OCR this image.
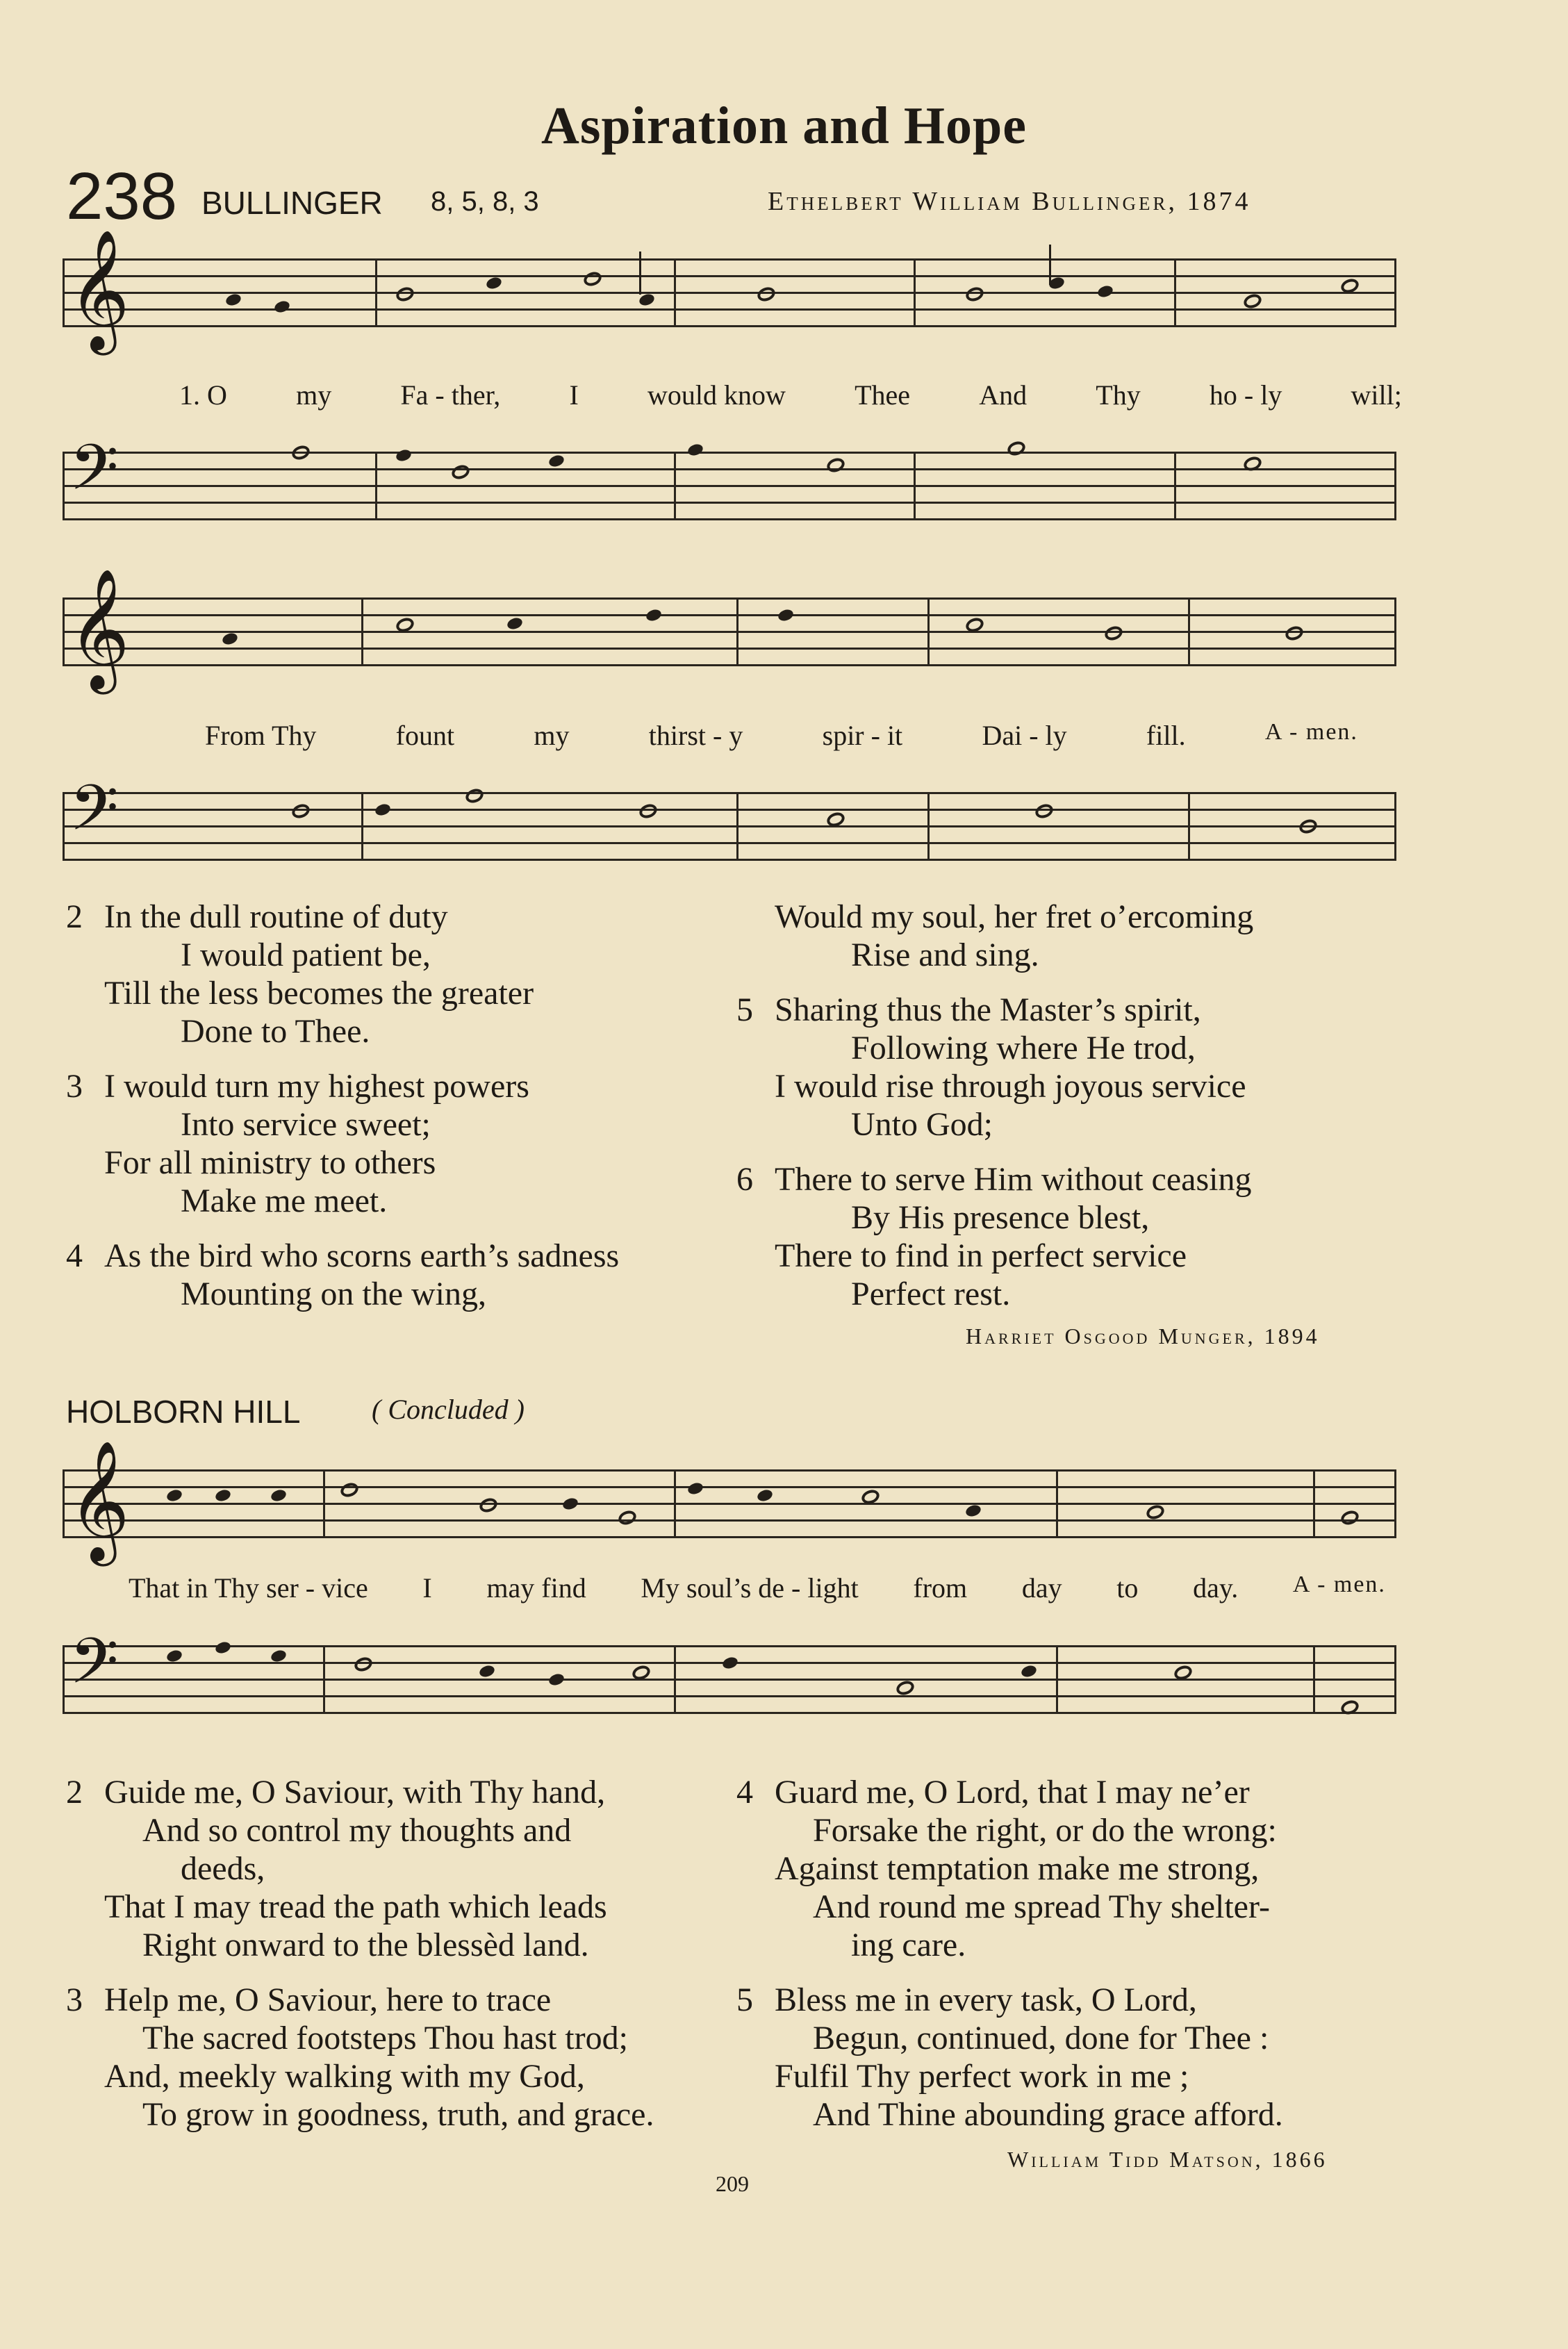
Aspiration and Hope
238 BULLINGER 8, 5, 8, 3	Ethelbert William Bullinger, 1874
𝄞
1. O my Fa - ther, I would know Thee And Thy ho - ly will;
𝄢
𝄞
From Thy	fount	my	thirst - y	spir - it	Dai - ly	fill.	A - men.
𝄢
2 In the dull routine of duty
I would patient be,
Till the less becomes the greater
Done to Thee.
3 I would turn my highest powers
Into service sweet;
For all ministry to others
Make me meet.
4 As the bird who scorns earth’s sadness
Mounting on the wing,
Would my soul, her fret o’ercoming
Rise and sing.
5 Sharing thus the Master’s spirit,
Following where He trod,
I would rise through joyous service
Unto God;
6 There to serve Him without ceasing
By His presence blest,
There to find in perfect service
Perfect rest.
Harriet Osgood Munger, 1894
HOLBORN HILL	( Concluded )
𝄞
That in Thy ser - vice I may find My soul’s de - light from day to day. A - men.
𝄢
2 Guide me, O Saviour, with Thy hand,
And so control my thoughts and
deeds,
That I may tread the path which leads
Right onward to the blessèd land.
3 Help me, O Saviour, here to trace
The sacred footsteps Thou hast trod;
And, meekly walking with my God,
To grow in goodness, truth, and grace.
4 Guard me, O Lord, that I may ne’er
Forsake the right, or do the wrong:
Against temptation make me strong,
And round me spread Thy shelter-
ing care.
5 Bless me in every task, O Lord,
Begun, continued, done for Thee :
Fulfil Thy perfect work in me ;
And Thine abounding grace afford.
William Tidd Matson, 1866
209
